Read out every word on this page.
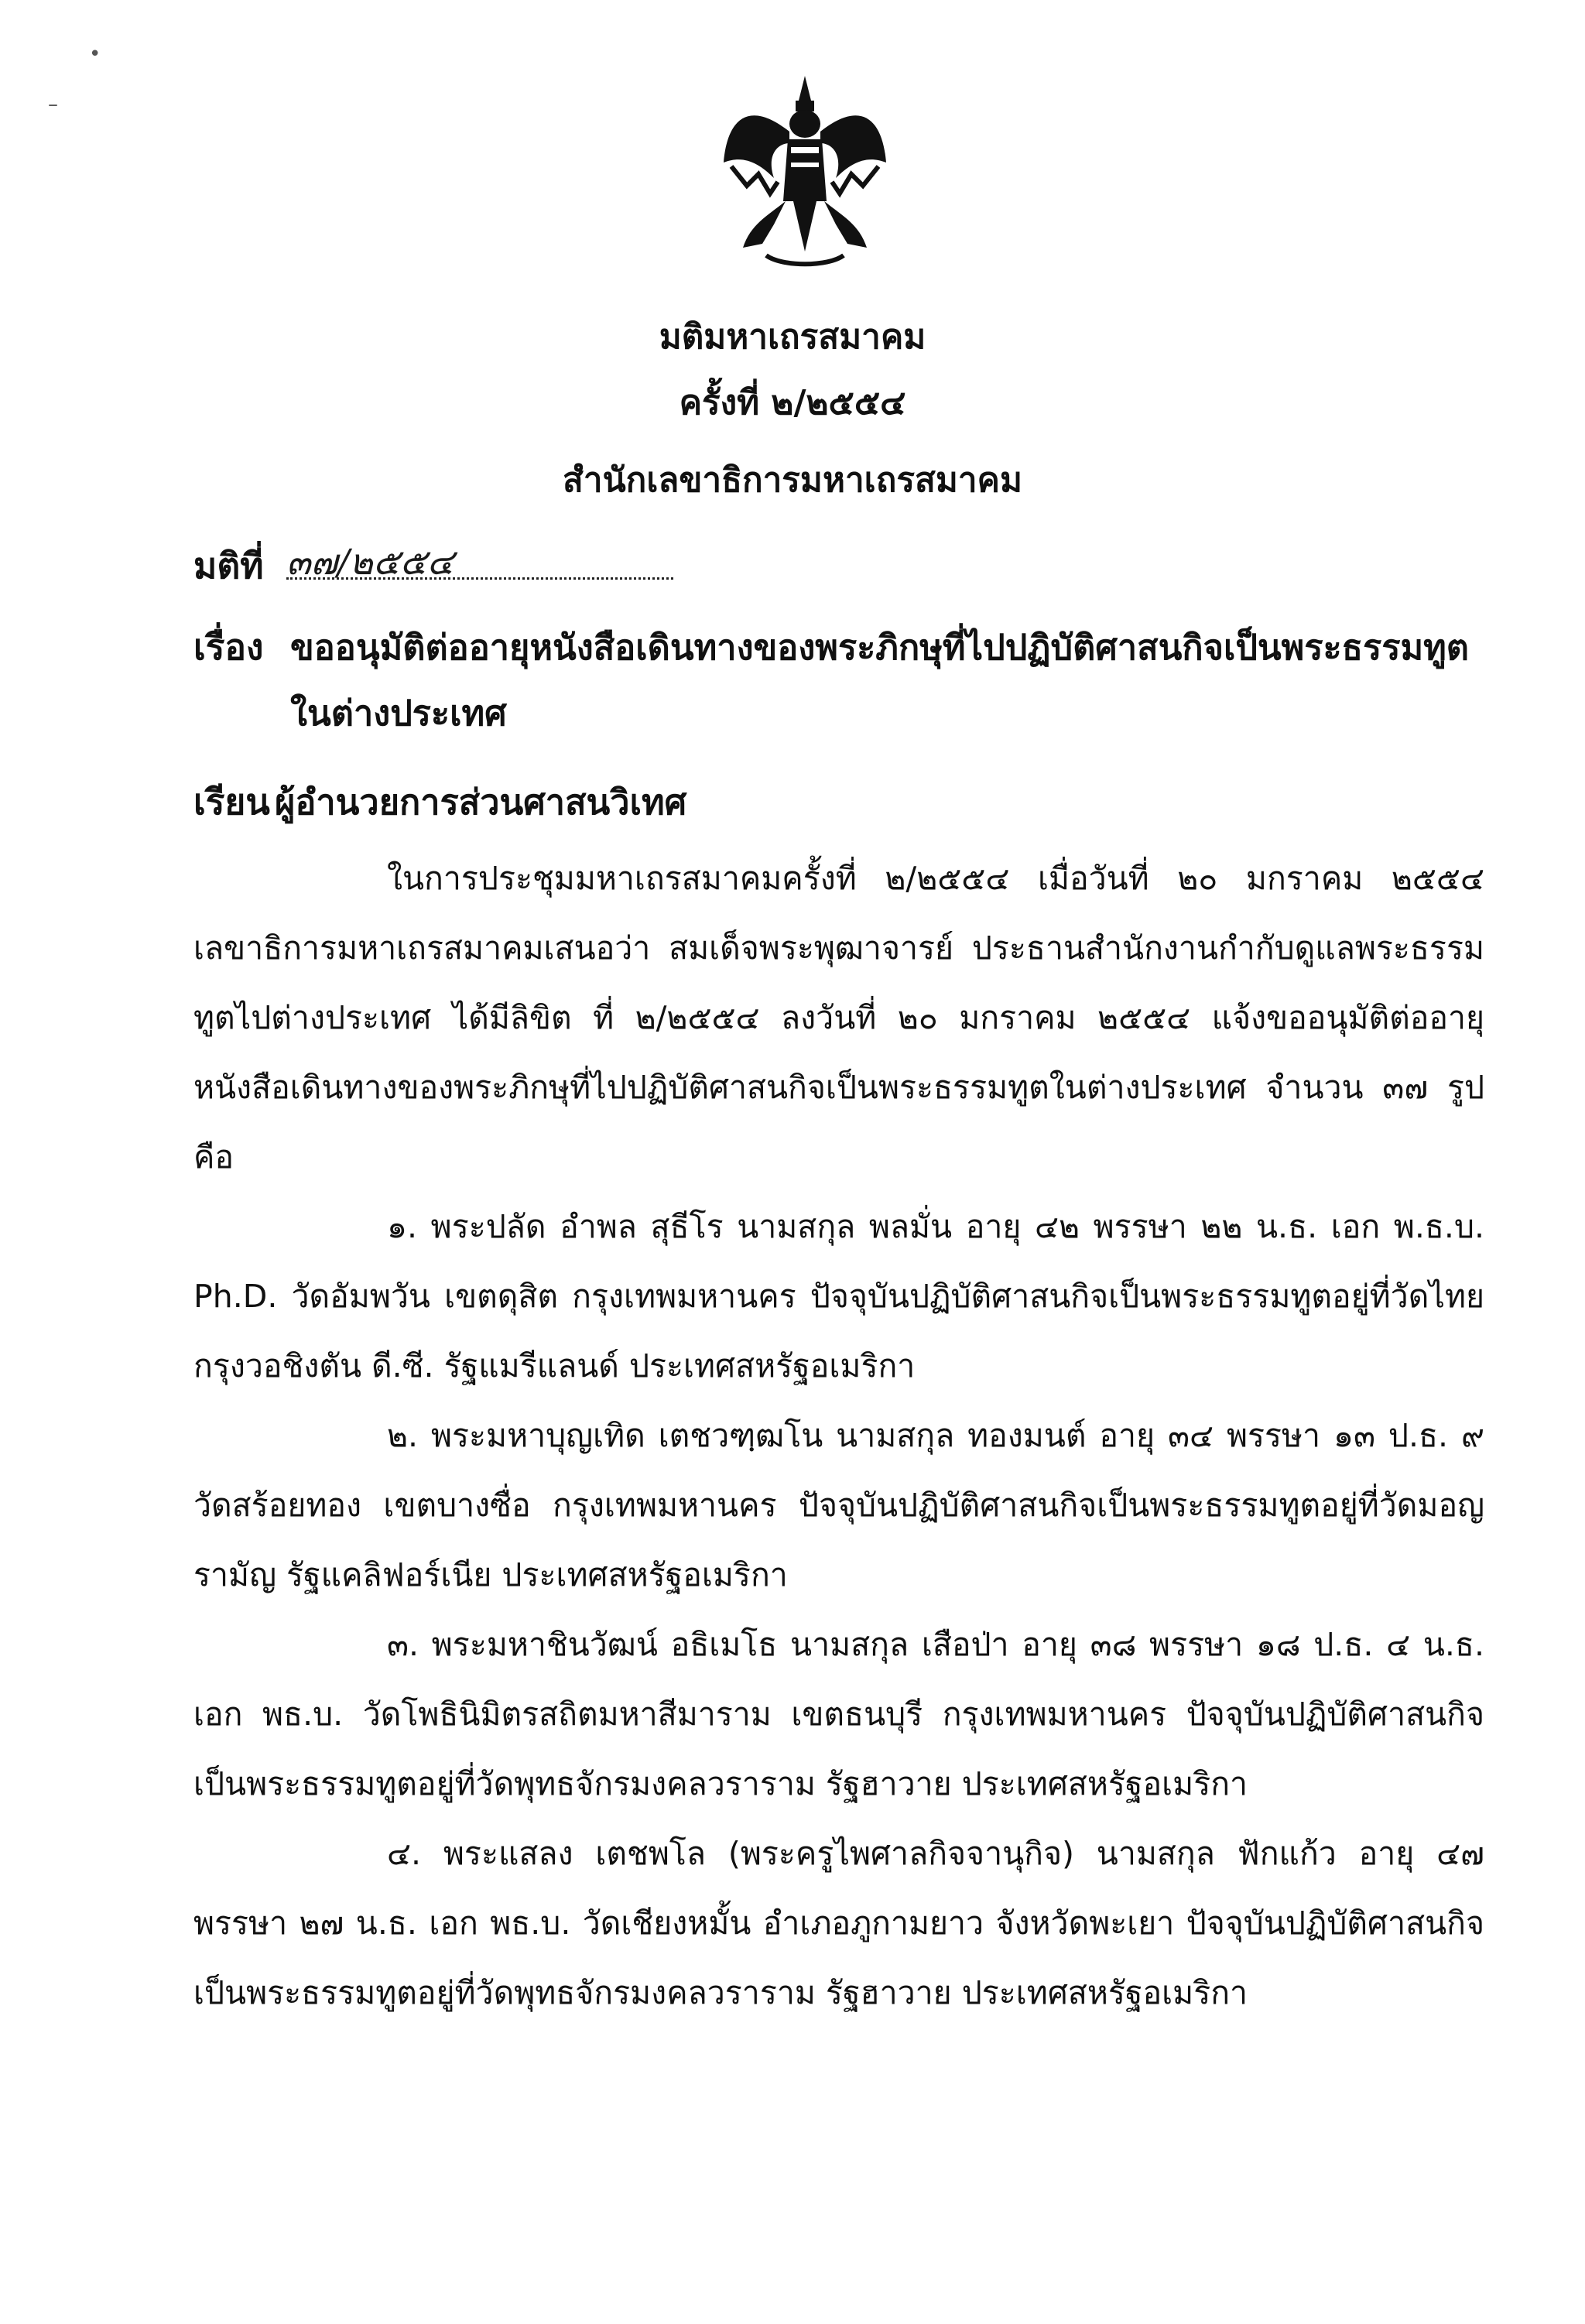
•
–
มติมหาเถรสมาคม
ครั้งที่ ๒/๒๕๕๔
สำนักเลขาธิการมหาเถรสมาคม
มติที่ ๓๗/๒๕๕๔
เรื่อง ขออนุมัติต่ออายุหนังสือเดินทางของพระภิกษุที่ไปปฏิบัติศาสนกิจเป็นพระธรรมทูต
ในต่างประเทศ
เรียน ผู้อำนวยการส่วนศาสนวิเทศ

ในการประชุมมหาเถรสมาคมครั้งที่ ๒/๒๕๕๔ เมื่อวันที่ ๒๐ มกราคม ๒๕๕๔ เลขาธิการมหาเถรสมาคมเสนอว่า สมเด็จพระพุฒาจารย์ ประธานสำนักงานกำกับดูแลพระธรรมทูตไปต่างประเทศ ได้มีลิขิต ที่ ๒/๒๕๕๔ ลงวันที่ ๒๐ มกราคม ๒๕๕๔ แจ้งขออนุมัติต่ออายุหนังสือเดินทางของพระภิกษุที่ไปปฏิบัติศาสนกิจเป็นพระธรรมทูตในต่างประเทศ จำนวน ๓๗ รูป คือ

๑. พระปลัด อำพล สุธีโร นามสกุล พลมั่น อายุ ๔๒ พรรษา ๒๒ น.ธ. เอก พ.ธ.บ. Ph.D. วัดอัมพวัน เขตดุสิต กรุงเทพมหานคร ปัจจุบันปฏิบัติศาสนกิจเป็นพระธรรมทูตอยู่ที่วัดไทยกรุงวอชิงตัน ดี.ซี. รัฐแมรีแลนด์ ประเทศสหรัฐอเมริกา

๒. พระมหาบุญเทิด เตชวฑฺฒโน นามสกุล ทองมนต์ อายุ ๓๔ พรรษา ๑๓ ป.ธ. ๙ วัดสร้อยทอง เขตบางซื่อ กรุงเทพมหานคร ปัจจุบันปฏิบัติศาสนกิจเป็นพระธรรมทูตอยู่ที่วัดมอญรามัญ รัฐแคลิฟอร์เนีย ประเทศสหรัฐอเมริกา

๓. พระมหาชินวัฒน์ อธิเมโธ นามสกุล เสือป่า อายุ ๓๘ พรรษา ๑๘ ป.ธ. ๔ น.ธ. เอก พธ.บ. วัดโพธินิมิตรสถิตมหาสีมาราม เขตธนบุรี กรุงเทพมหานคร ปัจจุบันปฏิบัติศาสนกิจเป็นพระธรรมทูตอยู่ที่วัดพุทธจักรมงคลวราราม รัฐฮาวาย ประเทศสหรัฐอเมริกา

๔. พระแสลง เตชพโล (พระครูไพศาลกิจจานุกิจ) นามสกุล ฟักแก้ว อายุ ๔๗ พรรษา ๒๗ น.ธ. เอก พธ.บ. วัดเชียงหมั้น อำเภอภูกามยาว จังหวัดพะเยา ปัจจุบันปฏิบัติศาสนกิจเป็นพระธรรมทูตอยู่ที่วัดพุทธจักรมงคลวราราม รัฐฮาวาย ประเทศสหรัฐอเมริกา
